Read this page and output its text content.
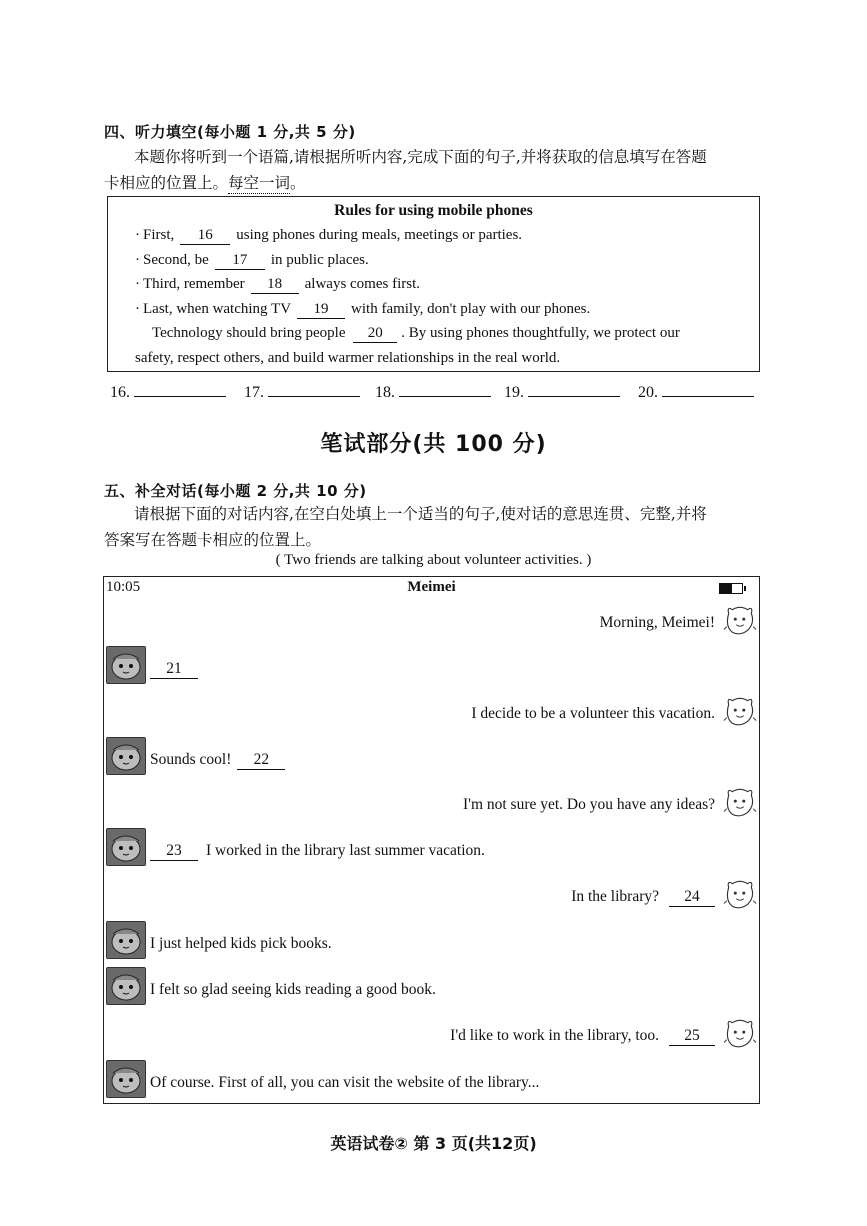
四、听力填空(每小题 1 分,共 5 分)
本题你将听到一个语篇,请根据所听内容,完成下面的句子,并将获取的信息填写在答题
卡相应的位置上。每空一词。
Rules for using mobile phones
· First, 16 using phones during meals, meetings or parties.
· Second, be 17 in public places.
· Third, remember 18 always comes first.
· Last, when watching TV 19 with family, don't play with our phones.
Technology should bring people 20 . By using phones thoughtfully, we protect our
safety, respect others, and build warmer relationships in the real world.
16.	17.	18.	19.	20.
笔试部分(共 100 分)
五、补全对话(每小题 2 分,共 10 分)
请根据下面的对话内容,在空白处填上一个适当的句子,使对话的意思连贯、完整,并将
答案写在答题卡相应的位置上。
( Two friends are talking about volunteer activities. )
10:05	Meimei
Morning, Meimei!
21
I decide to be a volunteer this vacation.
Sounds cool! 22
I'm not sure yet. Do you have any ideas?
23 I worked in the library last summer vacation.
In the library? 24
I just helped kids pick books.
I felt so glad seeing kids reading a good book.
I'd like to work in the library, too. 25
Of course. First of all, you can visit the website of the library...
英语试卷② 第 3 页(共12页)
